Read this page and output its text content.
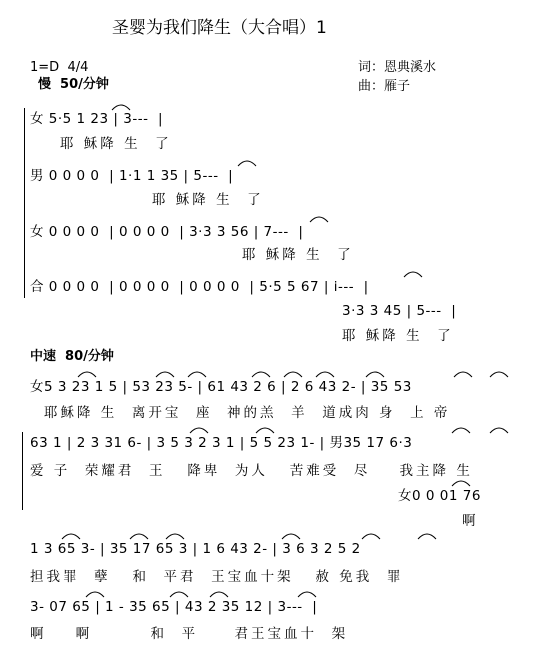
圣婴为我们降生（大合唱）1
1=D  4/4
慢  50/分钟
词：恩典溪水
曲：雁子
女 5·5 1 23 | 3---  |
耶 稣降 生  了
男 0 0 0 0  | 1·1 1 35 | 5---  |
耶 稣降 生  了
女 0 0 0 0  | 0 0 0 0  | 3·3 3 56 | 7---  |
耶 稣降 生  了
合 0 0 0 0  | 0 0 0 0  | 0 0 0 0  | 5·5 5 67 | i---  |
3·3 3 45 | 5---  |
耶 稣降 生  了
中速  80/分钟
女5 3 23 1 5 | 53 23 5- | 61 43 2 6 | 2 6 43 2- | 35 53
耶稣降 生  离开宝  座  神的羔  羊  道成肉 身  上 帝
63 1 | 2 3 31 6- | 3 5 3 2 3 1 | 5 5 23 1- | 男35 17 6·3
爱 子  荣耀君  王   降卑  为人   苦难受  尽    我主降 生
女0 0 01 76
啊
1 3 65 3- | 35 17 65 3 | 1 6 43 2- | 3 6 3 2 5 2
担我罪  孽   和  平君  王宝血十架   赦 免我  罪
3- 07 65 | 1 - 35 65 | 43 2 35 12 | 3---  |
啊    啊        和  平     君王宝血十  架
